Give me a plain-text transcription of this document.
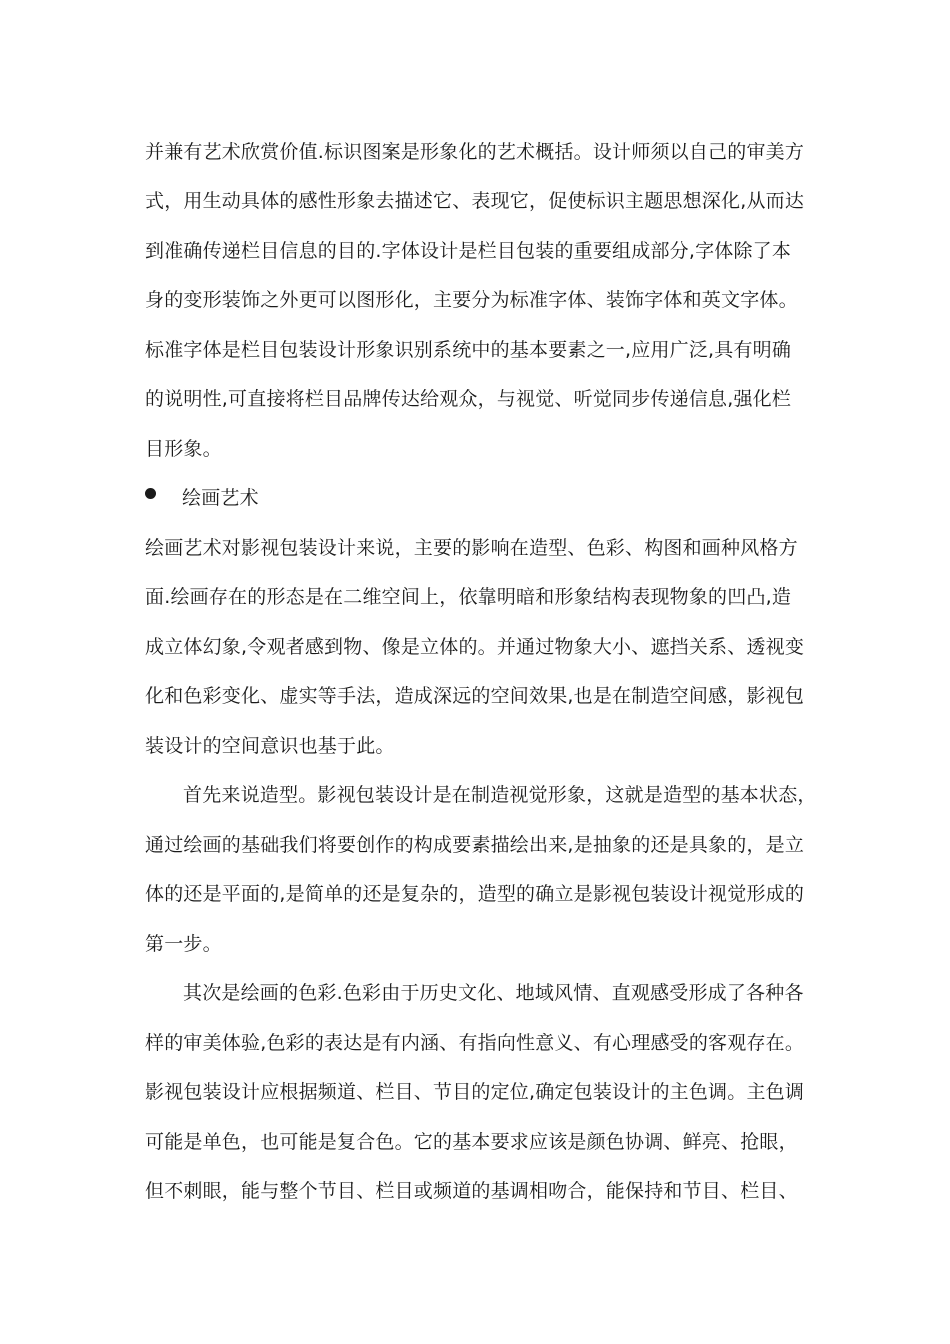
并兼有艺术欣赏价值.标识图案是形象化的艺术概括。设计师须以自己的审美方
式，用生动具体的感性形象去描述它、表现它，促使标识主题思想深化,从而达
到准确传递栏目信息的目的.字体设计是栏目包装的重要组成部分,字体除了本
身的变形装饰之外更可以图形化，主要分为标准字体、装饰字体和英文字体。
标准字体是栏目包装设计形象识别系统中的基本要素之一,应用广泛,具有明确
的说明性,可直接将栏目品牌传达给观众，与视觉、听觉同步传递信息,强化栏
目形象。
绘画艺术
绘画艺术对影视包装设计来说，主要的影响在造型、色彩、构图和画种风格方
面.绘画存在的形态是在二维空间上，依靠明暗和形象结构表现物象的凹凸,造
成立体幻象,令观者感到物、像是立体的。并通过物象大小、遮挡关系、透视变
化和色彩变化、虚实等手法，造成深远的空间效果,也是在制造空间感，影视包
装设计的空间意识也基于此。
首先来说造型。影视包装设计是在制造视觉形象，这就是造型的基本状态，
通过绘画的基础我们将要创作的构成要素描绘出来,是抽象的还是具象的，是立
体的还是平面的,是简单的还是复杂的，造型的确立是影视包装设计视觉形成的
第一步。
其次是绘画的色彩.色彩由于历史文化、地域风情、直观感受形成了各种各
样的审美体验,色彩的表达是有内涵、有指向性意义、有心理感受的客观存在。
影视包装设计应根据频道、栏目、节目的定位,确定包装设计的主色调。主色调
可能是单色，也可能是复合色。它的基本要求应该是颜色协调、鲜亮、抢眼，
但不刺眼，能与整个节目、栏目或频道的基调相吻合，能保持和节目、栏目、
